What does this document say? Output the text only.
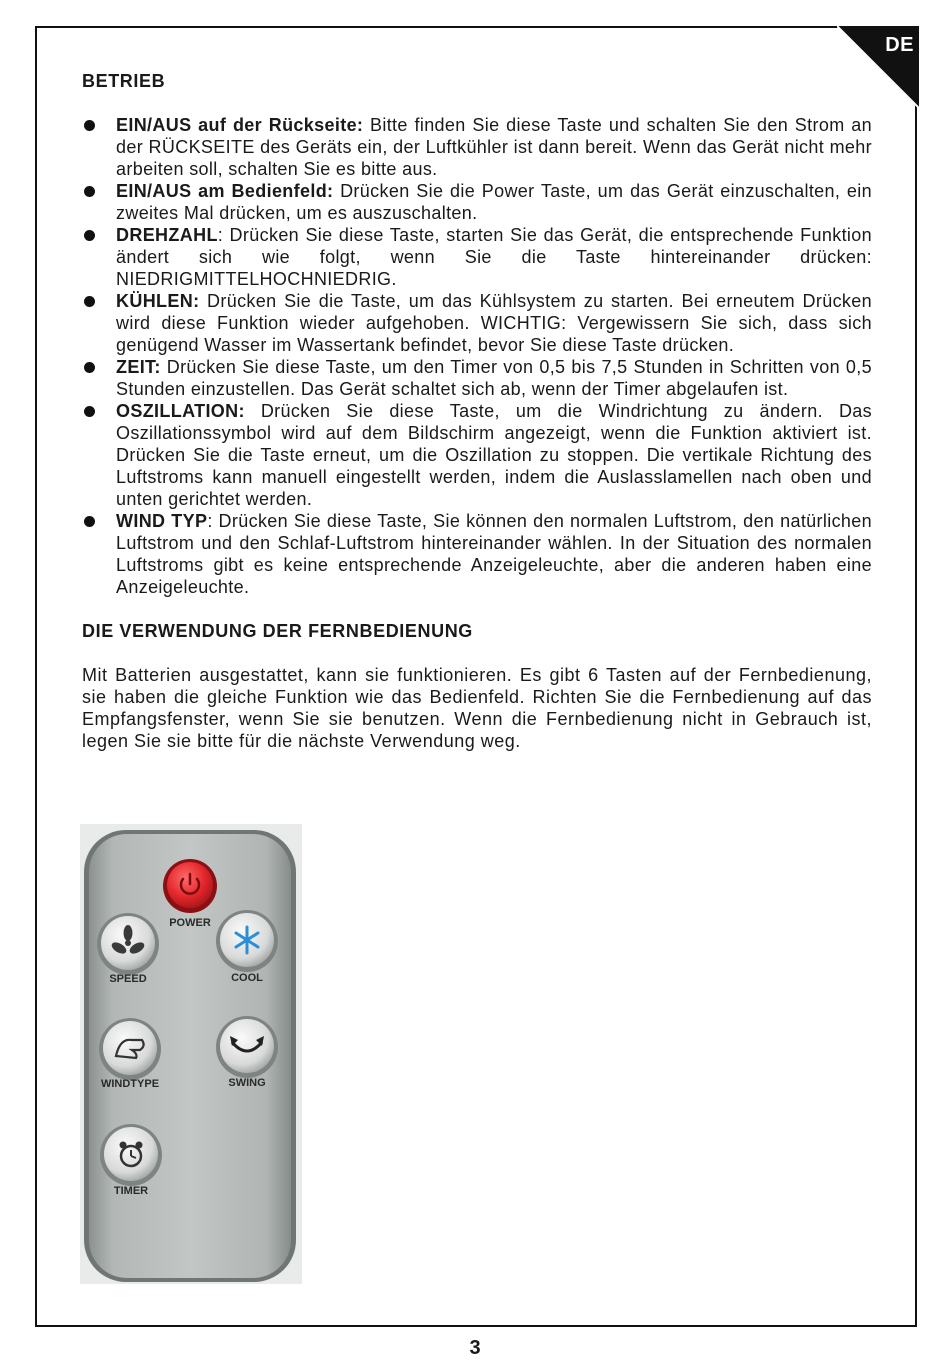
DE
BETRIEB
EIN/AUS auf der Rückseite: Bitte finden Sie diese Taste und schalten Sie den Strom an der RÜCKSEITE des Geräts ein, der Luftkühler ist dann bereit. Wenn das Gerät nicht mehr arbeiten soll, schalten Sie es bitte aus.
EIN/AUS am Bedienfeld: Drücken Sie die Power Taste, um das Gerät einzuschalten, ein zweites Mal drücken, um es auszuschalten.
DREHZAHL: Drücken Sie diese Taste, starten Sie das Gerät, die entsprechende Funktion ändert sich wie folgt, wenn Sie die Taste hintereinander drücken: NIEDRIGMITTELHOCHNIEDRIG.
KÜHLEN: Drücken Sie die Taste, um das Kühlsystem zu starten. Bei erneutem Drücken wird diese Funktion wieder aufgehoben. WICHTIG: Vergewissern Sie sich, dass sich genügend Wasser im Wassertank befindet, bevor Sie diese Taste drücken.
ZEIT: Drücken Sie diese Taste, um den Timer von 0,5 bis 7,5 Stunden in Schritten von 0,5 Stunden einzustellen. Das Gerät schaltet sich ab, wenn der Timer abgelaufen ist.
OSZILLATION: Drücken Sie diese Taste, um die Windrichtung zu ändern. Das Oszillationssymbol wird auf dem Bildschirm angezeigt, wenn die Funktion aktiviert ist. Drücken Sie die Taste erneut, um die Oszillation zu stoppen. Die vertikale Richtung des Luftstroms kann manuell eingestellt werden, indem die Auslasslamellen nach oben und unten gerichtet werden.
WIND TYP: Drücken Sie diese Taste, Sie können den normalen Luftstrom, den natürlichen Luftstrom und den Schlaf-Luftstrom hintereinander wählen. In der Situation des normalen Luftstroms gibt es keine entsprechende Anzeigeleuchte, aber die anderen haben eine Anzeigeleuchte.
DIE VERWENDUNG DER FERNBEDIENUNG

Mit Batterien ausgestattet, kann sie funktionieren. Es gibt 6 Tasten auf der Fernbedienung, sie haben die gleiche Funktion wie das Bedienfeld. Richten Sie die Fernbedienung auf das Empfangsfenster, wenn Sie sie benutzen. Wenn die Fernbedienung nicht in Gebrauch ist, legen Sie sie bitte für die nächste Verwendung weg.

POWER
SPEED	COOL
WINDTYPE	SWING
TIMER
3
